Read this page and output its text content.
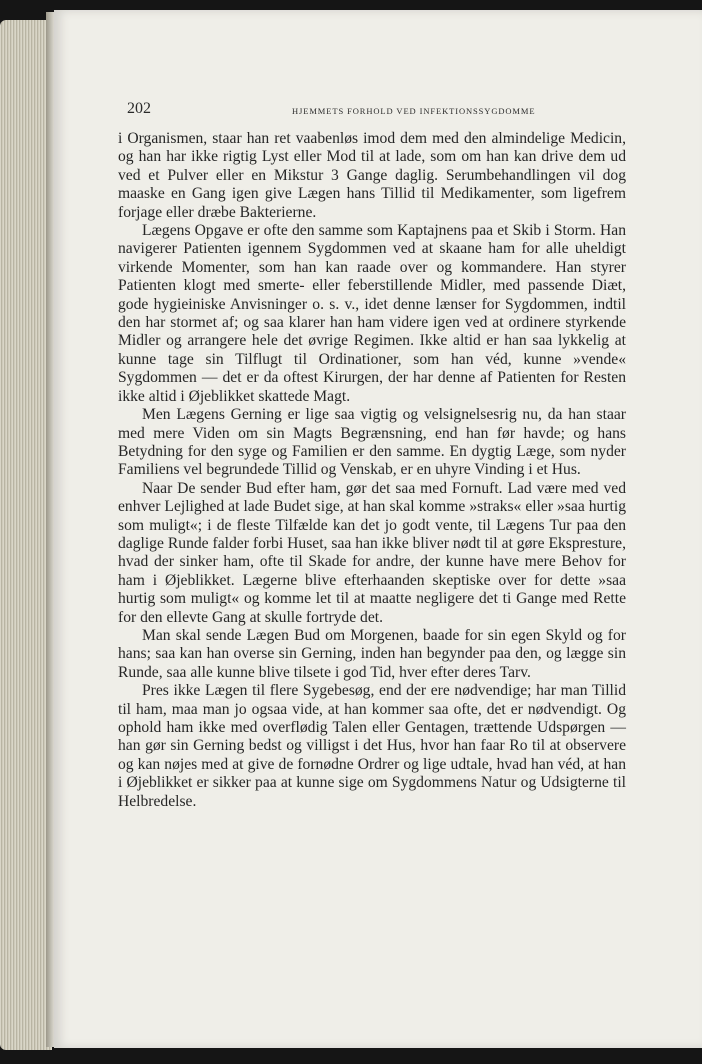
202	HJEMMETS FORHOLD VED INFEKTIONSSYGDOMME

i Organismen, staar han ret vaabenløs imod dem med den almindelige Medicin, og han har ikke rigtig Lyst eller Mod til at lade, som om han kan drive dem ud ved et Pulver eller en Mikstur 3 Gange daglig. Serumbehandlingen vil dog maaske en Gang igen give Lægen hans Tillid til Medikamenter, som ligefrem forjage eller dræbe Bakterierne.

Lægens Opgave er ofte den samme som Kaptajnens paa et Skib i Storm. Han navigerer Patienten igennem Sygdommen ved at skaane ham for alle uheldigt virkende Momenter, som han kan raade over og kommandere. Han styrer Patienten klogt med smerte- eller feberstillende Midler, med passende Diæt, gode hygieiniske Anvisninger o. s. v., idet denne lænser for Sygdommen, indtil den har stormet af; og saa klarer han ham videre igen ved at ordinere styrkende Midler og arrangere hele det øvrige Regimen. Ikke altid er han saa lykkelig at kunne tage sin Tilflugt til Ordinationer, som han véd, kunne »vende« Sygdommen — det er da oftest Kirurgen, der har denne af Patienten for Resten ikke altid i Øjeblikket skattede Magt.

Men Lægens Gerning er lige saa vigtig og velsignelsesrig nu, da han staar med mere Viden om sin Magts Begrænsning, end han før havde; og hans Betydning for den syge og Familien er den samme. En dygtig Læge, som nyder Familiens vel begrundede Tillid og Venskab, er en uhyre Vinding i et Hus.

Naar De sender Bud efter ham, gør det saa med Fornuft. Lad være med ved enhver Lejlighed at lade Budet sige, at han skal komme »straks« eller »saa hurtig som muligt«; i de fleste Tilfælde kan det jo godt vente, til Lægens Tur paa den daglige Runde falder forbi Huset, saa han ikke bliver nødt til at gøre Ekspresture, hvad der sinker ham, ofte til Skade for andre, der kunne have mere Behov for ham i Øjeblikket. Lægerne blive efterhaanden skeptiske over for dette »saa hurtig som muligt« og komme let til at maatte negligere det ti Gange med Rette for den ellevte Gang at skulle fortryde det.

Man skal sende Lægen Bud om Morgenen, baade for sin egen Skyld og for hans; saa kan han overse sin Gerning, inden han begynder paa den, og lægge sin Runde, saa alle kunne blive tilsete i god Tid, hver efter deres Tarv.

Pres ikke Lægen til flere Sygebesøg, end der ere nødvendige; har man Tillid til ham, maa man jo ogsaa vide, at han kommer saa ofte, det er nødvendigt. Og ophold ham ikke med overflødig Talen eller Gentagen, trættende Udspørgen — han gør sin Gerning bedst og villigst i det Hus, hvor han faar Ro til at observere og kan nøjes med at give de fornødne Ordrer og lige udtale, hvad han véd, at han i Øjeblikket er sikker paa at kunne sige om Sygdommens Natur og Udsigterne til Helbredelse.
